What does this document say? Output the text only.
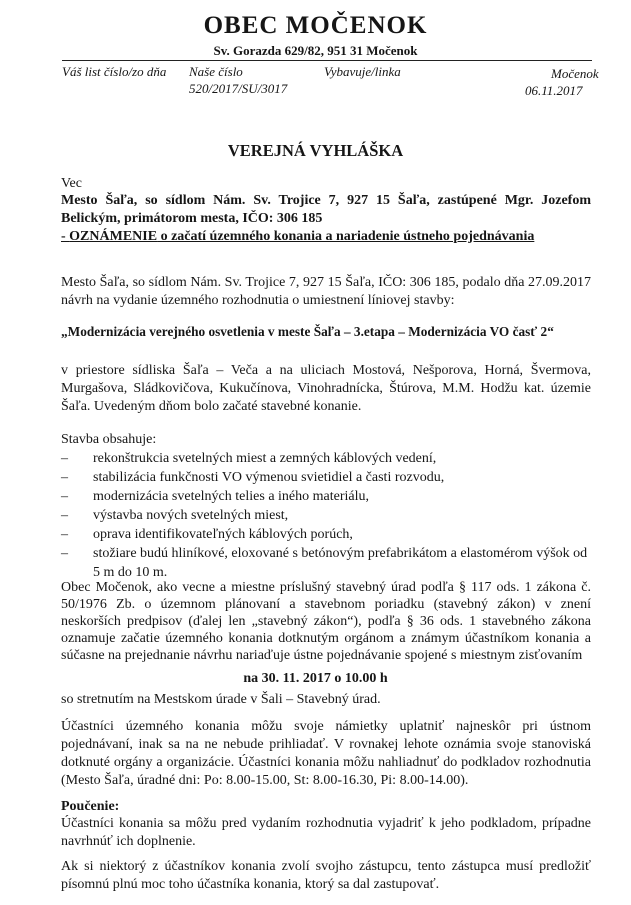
OBEC MOČENOK
Sv. Gorazda 629/82, 951 31 Močenok
Váš list číslo/zo dňa Naše číslo
520/2017/SU/3017
Vybavuje/linka	Močenok
06.11.2017
VEREJNÁ VYHLÁŠKA
Vec
Mesto Šaľa, so sídlom Nám. Sv. Trojice 7, 927 15 Šaľa, zastúpené Mgr. Jozefom
Belickým, primátorom mesta, IČO: 306 185
- OZNÁMENIE o začatí územného konania a nariadenie ústneho pojednávania
Mesto Šaľa, so sídlom Nám. Sv. Trojice 7, 927 15 Šaľa, IČO: 306 185, podalo dňa 27.09.2017 návrh na vydanie územného rozhodnutia o umiestnení líniovej stavby:
„Modernizácia verejného osvetlenia v meste Šaľa – 3.etapa – Modernizácia VO časť 2“
v priestore sídliska Šaľa – Veča a na uliciach Mostová, Nešporova, Horná, Švermova, Murgašova, Sládkovičova, Kukučínova, Vinohradnícka, Štúrova, M.M. Hodžu kat. územie Šaľa. Uvedeným dňom bolo začaté stavebné konanie.
Stavba obsahuje:
– rekonštrukcia svetelných miest a zemných káblových vedení,
– stabilizácia funkčnosti VO výmenou svietidiel a časti rozvodu,
– modernizácia svetelných telies a iného materiálu,
– výstavba nových svetelných miest,
– oprava identifikovateľných káblových porúch,
– stožiare budú hliníkové, eloxované s betónovým prefabrikátom a elastomérom výšok od 5 m do 10 m.
Obec Močenok, ako vecne a miestne príslušný stavebný úrad podľa § 117 ods. 1 zákona č. 50/1976 Zb. o územnom plánovaní a stavebnom poriadku (stavebný zákon) v znení neskorších predpisov (ďalej len „stavebný zákon“), podľa § 36 ods. 1 stavebného zákona oznamuje začatie územného konania dotknutým orgánom a známym účastníkom konania a súčasne na prejednanie návrhu nariaďuje ústne pojednávanie spojené s miestnym zisťovaním
na 30. 11. 2017 o 10.00 h
so stretnutím na Mestskom úrade v Šali – Stavebný úrad.
Účastníci územného konania môžu svoje námietky uplatniť najneskôr pri ústnom pojednávaní, inak sa na ne nebude prihliadať. V rovnakej lehote oznámia svoje stanoviská dotknuté orgány a organizácie. Účastníci konania môžu nahliadnuť do podkladov rozhodnutia (Mesto Šaľa, úradné dni: Po: 8.00-15.00, St: 8.00-16.30, Pi: 8.00-14.00).
Poučenie:
Účastníci konania sa môžu pred vydaním rozhodnutia vyjadriť k jeho podkladom, prípadne navrhnúť ich doplnenie.
Ak si niektorý z účastníkov konania zvolí svojho zástupcu, tento zástupca musí predložiť písomnú plnú moc toho účastníka konania, ktorý sa dal zastupovať.
